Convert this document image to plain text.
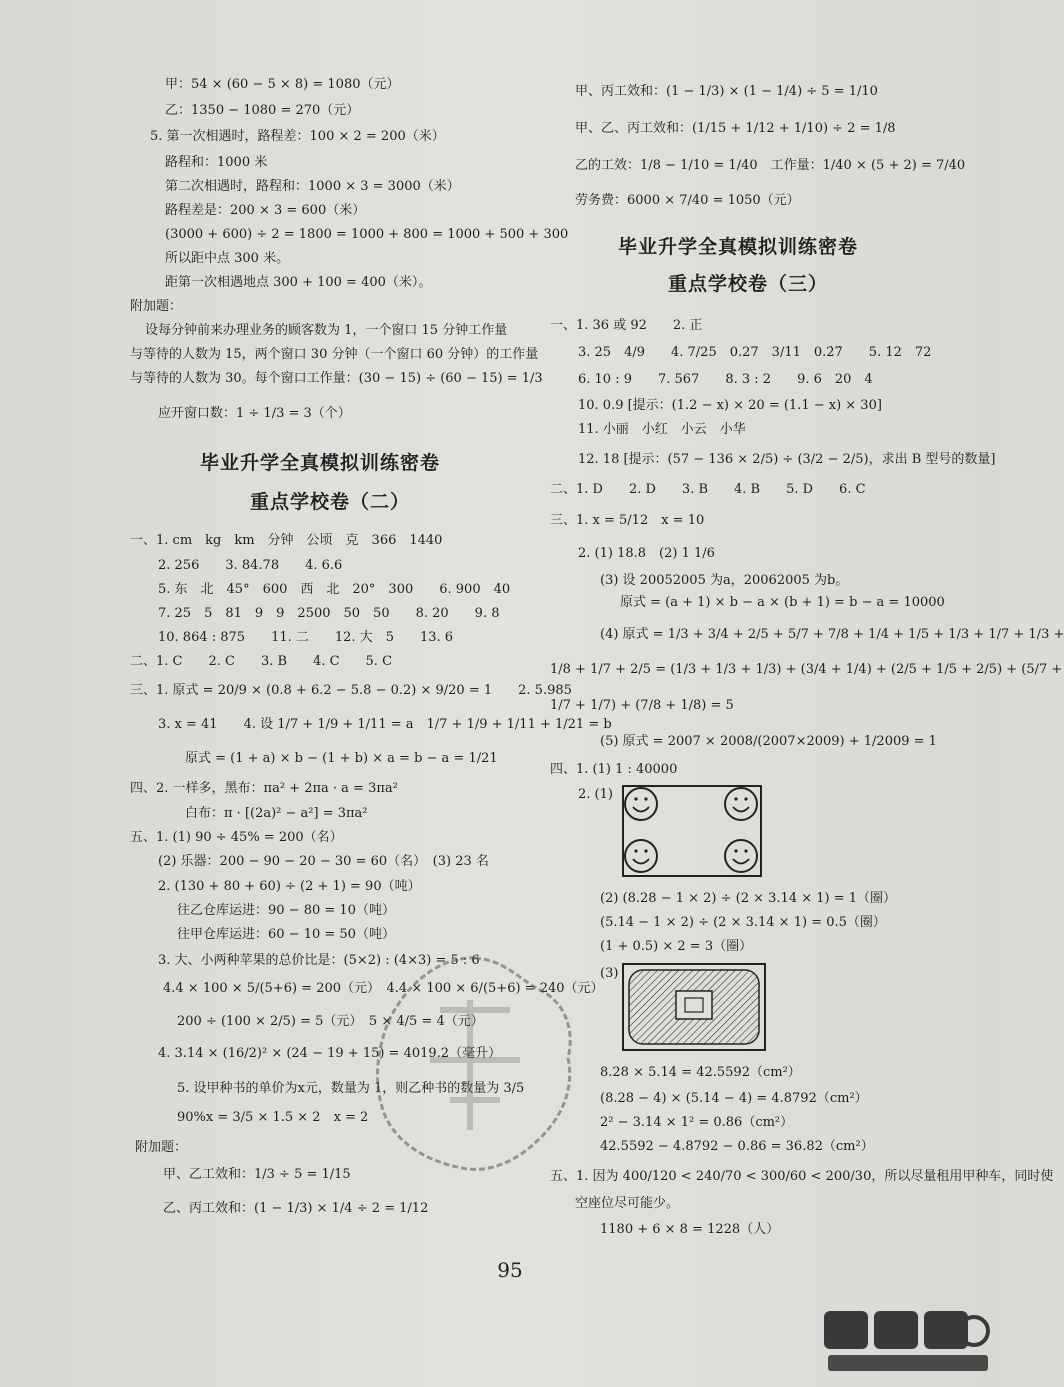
甲：54 × (60 − 5 × 8) = 1080（元）
乙：1350 − 1080 = 270（元）
5. 第一次相遇时，路程差：100 × 2 = 200（米）
路程和：1000 米
第二次相遇时，路程和：1000 × 3 = 3000（米）
路程差是：200 × 3 = 600（米）
(3000 + 600) ÷ 2 = 1800 = 1000 + 800 = 1000 + 500 + 300
所以距中点 300 米。
距第一次相遇地点 300 + 100 = 400（米）。
附加题：
设每分钟前来办理业务的顾客数为 1，一个窗口 15 分钟工作量
与等待的人数为 15，两个窗口 30 分钟（一个窗口 60 分钟）的工作量
与等待的人数为 30。每个窗口工作量：(30 − 15) ÷ (60 − 15) = 1/3
应开窗口数：1 ÷ 1/3 = 3（个）
毕业升学全真模拟训练密卷
重点学校卷（二）
一、1. cm　kg　km　分钟　公顷　克　366　1440
2. 256　　3. 84.78　　4. 6.6
5. 东　北　45°　600　西　北　20°　300　　6. 900　40
7. 25　5　81　9　9　2500　50　50　　8. 20　　9. 8
10. 864 : 875　　11. 二　　12. 大　5　　13. 6
二、1. C　　2. C　　3. B　　4. C　　5. C
三、1. 原式 = 20/9 × (0.8 + 6.2 − 5.8 − 0.2) × 9/20 = 1　　2. 5.985
3. x = 41　　4. 设 1/7 + 1/9 + 1/11 = a　1/7 + 1/9 + 1/11 + 1/21 = b
原式 = (1 + a) × b − (1 + b) × a = b − a = 1/21
四、2. 一样多，黑布：πa² + 2πa · a = 3πa²
白布：π · [(2a)² − a²] = 3πa²
五、1. (1) 90 ÷ 45% = 200（名）
(2) 乐器：200 − 90 − 20 − 30 = 60（名）　(3) 23 名
2. (130 + 80 + 60) ÷ (2 + 1) = 90（吨）
往乙仓库运进：90 − 80 = 10（吨）
往甲仓库运进：60 − 10 = 50（吨）
3. 大、小两种苹果的总价比是：(5×2) : (4×3) = 5 : 6
4.4 × 100 × 5/(5+6) = 200（元）　4.4 × 100 × 6/(5+6) = 240（元）
200 ÷ (100 × 2/5) = 5（元）　5 × 4/5 = 4（元）
4. 3.14 × (16/2)² × (24 − 19 + 15) = 4019.2（毫升）
5. 设甲种书的单价为x元，数量为 1，则乙种书的数量为 3/5
90%x = 3/5 × 1.5 × 2　x = 2
附加题：
甲、乙工效和：1/3 ÷ 5 = 1/15
乙、丙工效和：(1 − 1/3) × 1/4 ÷ 2 = 1/12
甲、丙工效和：(1 − 1/3) × (1 − 1/4) ÷ 5 = 1/10
甲、乙、丙工效和：(1/15 + 1/12 + 1/10) ÷ 2 = 1/8
乙的工效：1/8 − 1/10 = 1/40　工作量：1/40 × (5 + 2) = 7/40
劳务费：6000 × 7/40 = 1050（元）
毕业升学全真模拟训练密卷
重点学校卷（三）
一、1. 36 或 92　　2. 正
3. 25　4/9　　4. 7/25　0.27　3/11　0.2̇7̇　　5. 12　72
6. 10 : 9　　7. 567　　8. 3 : 2　　9. 6　20　4
10. 0.9 [提示：(1.2 − x) × 20 = (1.1 − x) × 30]
11. 小丽　小红　小云　小华
12. 18 [提示：(57 − 136 × 2/5) ÷ (3/2 − 2/5)，求出 B 型号的数量]
二、1. D　　2. D　　3. B　　4. B　　5. D　　6. C
三、1. x = 5/12　x = 10
2. (1) 18.8　(2) 1 1/6
(3) 设 20052005 为a，20062005 为b。
原式 = (a + 1) × b − a × (b + 1) = b − a = 10000
(4) 原式 = 1/3 + 3/4 + 2/5 + 5/7 + 7/8 + 1/4 + 1/5 + 1/3 + 1/7 + 1/3 +
1/8 + 1/7 + 2/5 = (1/3 + 1/3 + 1/3) + (3/4 + 1/4) + (2/5 + 1/5 + 2/5) + (5/7 +
1/7 + 1/7) + (7/8 + 1/8) = 5
(5) 原式 = 2007 × 2008/(2007×2009) + 1/2009 = 1
四、1. (1) 1 : 40000
2. (1)
(2) (8.28 − 1 × 2) ÷ (2 × 3.14 × 1) = 1（圈）
(5.14 − 1 × 2) ÷ (2 × 3.14 × 1) = 0.5（圈）
(1 + 0.5) × 2 = 3（圈）
(3)
8.28 × 5.14 = 42.5592（cm²）
(8.28 − 4) × (5.14 − 4) = 4.8792（cm²）
2² − 3.14 × 1² = 0.86（cm²）
42.5592 − 4.8792 − 0.86 = 36.82（cm²）
五、1. 因为 400/120 < 240/70 < 300/60 < 200/30，所以尽量租用甲种车，同时使
空座位尽可能少。
1180 + 6 × 8 = 1228（人）
95
